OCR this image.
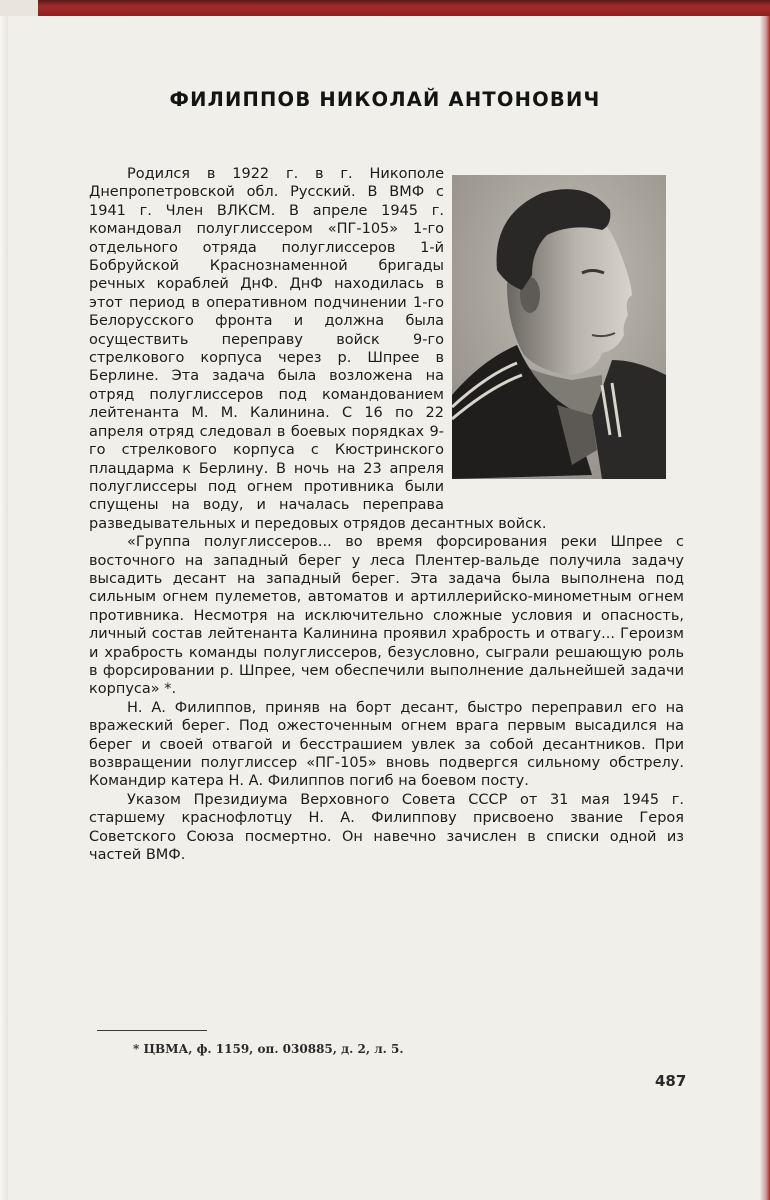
ФИЛИППОВ НИКОЛАЙ АНТОНОВИЧ

Родился в 1922 г. в г. Никополе Днепропетровской обл. Русский. В ВМФ с 1941 г. Член ВЛКСМ. В апреле 1945 г. командовал полуглиссером «ПГ-105» 1-го отдельного отряда полуглиссеров 1-й Бобруйской Краснознаменной бригады речных кораблей ДнФ. ДнФ находилась в этот период в оперативном подчинении 1-го Белорусского фронта и должна была осуществить переправу войск 9-го стрелкового корпуса через р. Шпрее в Берлине. Эта задача была возложена на отряд полуглиссеров под командованием лейтенанта М. М. Калинина. С 16 по 22 апреля отряд следовал в боевых порядках 9-го стрелкового корпуса с Кюстринского плацдарма к Берлину. В ночь на 23 апреля полуглиссеры под огнем противника были спущены на воду, и началась переправа разведывательных и передовых отрядов десантных войск.

«Группа полуглиссеров... во время форсирования реки Шпрее с восточного на западный берег у леса Плентер-вальде получила задачу высадить десант на западный берег. Эта задача была выполнена под сильным огнем пулеметов, автоматов и артиллерийско-минометным огнем противника. Несмотря на исключительно сложные условия и опасность, личный состав лейтенанта Калинина проявил храбрость и отвагу... Героизм и храбрость команды полуглиссеров, безусловно, сыграли решающую роль в форсировании р. Шпрее, чем обеспечили выполнение дальнейшей задачи корпуса» *.

Н. А. Филиппов, приняв на борт десант, быстро переправил его на вражеский берег. Под ожесточенным огнем врага первым высадился на берег и своей отвагой и бесстрашием увлек за собой десантников. При возвращении полуглиссер «ПГ-105» вновь подвергся сильному обстрелу. Командир катера Н. А. Филиппов погиб на боевом посту.

Указом Президиума Верховного Совета СССР от 31 мая 1945 г. старшему краснофлотцу Н. А. Филиппову присвоено звание Героя Советского Союза посмертно. Он навечно зачислен в списки одной из частей ВМФ.

* ЦВМА, ф. 1159, оп. 030885, д. 2, л. 5.
487
